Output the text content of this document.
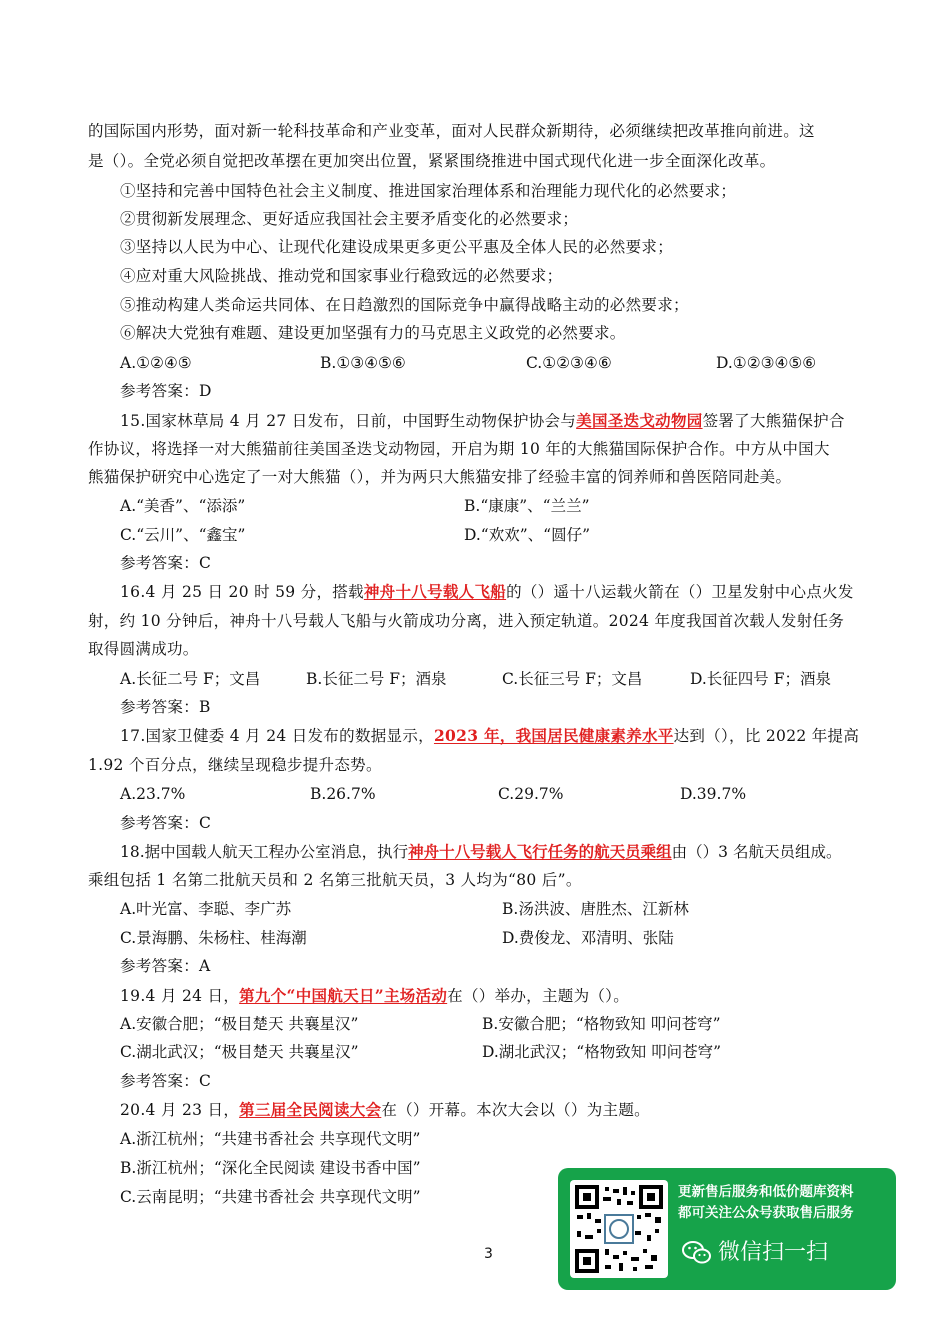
的国际国内形势，面对新一轮科技革命和产业变革，面对人民群众新期待，必须继续把改革推向前进。这
是（）。全党必须自觉把改革摆在更加突出位置，紧紧围绕推进中国式现代化进一步全面深化改革。
①坚持和完善中国特色社会主义制度、推进国家治理体系和治理能力现代化的必然要求；
②贯彻新发展理念、更好适应我国社会主要矛盾变化的必然要求；
③坚持以人民为中心、让现代化建设成果更多更公平惠及全体人民的必然要求；
④应对重大风险挑战、推动党和国家事业行稳致远的必然要求；
⑤推动构建人类命运共同体、在日趋激烈的国际竞争中赢得战略主动的必然要求；
⑥解决大党独有难题、建设更加坚强有力的马克思主义政党的必然要求。
A.①②④⑤	B.①③④⑤⑥	C.①②③④⑥	D.①②③④⑤⑥
参考答案：D
15.国家林草局 4 月 27 日发布，日前，中国野生动物保护协会与美国圣迭戈动物园签署了大熊猫保护合
作协议，将选择一对大熊猫前往美国圣迭戈动物园，开启为期 10 年的大熊猫国际保护合作。中方从中国大
熊猫保护研究中心选定了一对大熊猫（），并为两只大熊猫安排了经验丰富的饲养师和兽医陪同赴美。
A.“美香”、“添添”	B.“康康”、“兰兰”
C.“云川”、“鑫宝”	D.“欢欢”、“圆仔”
参考答案：C
16.4 月 25 日 20 时 59 分，搭载神舟十八号载人飞船的（）遥十八运载火箭在（）卫星发射中心点火发
射，约 10 分钟后，神舟十八号载人飞船与火箭成功分离，进入预定轨道。2024 年度我国首次载人发射任务
取得圆满成功。
A.长征二号 F；文昌	B.长征二号 F；酒泉	C.长征三号 F；文昌	D.长征四号 F；酒泉
参考答案：B
17.国家卫健委 4 月 24 日发布的数据显示，2023 年，我国居民健康素养水平达到（），比 2022 年提高
1.92 个百分点，继续呈现稳步提升态势。
A.23.7%	B.26.7%	C.29.7%	D.39.7%
参考答案：C
18.据中国载人航天工程办公室消息，执行神舟十八号载人飞行任务的航天员乘组由（）3 名航天员组成。
乘组包括 1 名第二批航天员和 2 名第三批航天员，3 人均为“80 后”。
A.叶光富、李聪、李广苏	B.汤洪波、唐胜杰、江新林
C.景海鹏、朱杨柱、桂海潮	D.费俊龙、邓清明、张陆
参考答案：A
19.4 月 24 日，第九个“中国航天日”主场活动在（）举办，主题为（）。
A.安徽合肥；“极目楚天 共襄星汉”	B.安徽合肥；“格物致知 叩问苍穹”
C.湖北武汉；“极目楚天 共襄星汉”	D.湖北武汉；“格物致知 叩问苍穹”
参考答案：C
20.4 月 23 日，第三届全民阅读大会在（）开幕。本次大会以（）为主题。
A.浙江杭州；“共建书香社会 共享现代文明”
B.浙江杭州；“深化全民阅读 建设书香中国”
C.云南昆明；“共建书香社会 共享现代文明”
3
更新售后服务和低价题库资料
都可关注公众号获取售后服务
微信扫一扫
